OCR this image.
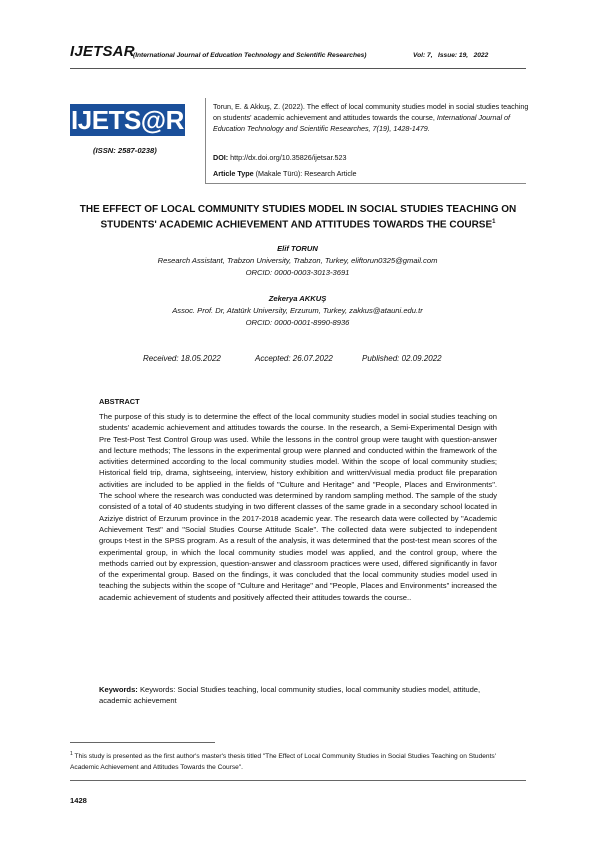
IJETSAR
(International Journal of Education Technology and Scientific Researches)	Vol: 7,   Issue: 19,   2022
IJETS@R
(ISSN: 2587-0238)
Torun, E. & Akkuş, Z. (2022). The effect of local community studies model in social studies teaching on students' academic achievement and attitudes towards the course, International Journal of Education Technology and Scientific Researches, 7(19), 1428-1479.
DOI: http://dx.doi.org/10.35826/ijetsar.523
Article Type (Makale Türü): Research Article
THE EFFECT OF LOCAL COMMUNITY STUDIES MODEL IN SOCIAL STUDIES TEACHING ON
STUDENTS' ACADEMIC ACHIEVEMENT AND ATTITUDES TOWARDS THE COURSE$^1$
Elif TORUN
Research Assistant, Trabzon University, Trabzon, Turkey, eliftorun0325@gmail.com
ORCID: 0000-0003-3013-3691
Zekerya AKKUŞ
Assoc. Prof. Dr, Atatürk University, Erzurum, Turkey, zakkus@atauni.edu.tr
ORCID: 0000-0001-8990-8936
Received: 18.05.2022	Accepted: 26.07.2022	Published: 02.09.2022
ABSTRACT
The purpose of this study is to determine the effect of the local community studies model in social studies teaching on students' academic achievement and attitudes towards the course. In the research, a Semi-Experimental Design with Pre Test-Post Test Control Group was used. While the lessons in the control group were taught with question-answer and lecture methods; The lessons in the experimental group were planned and conducted within the framework of the activities determined according to the local community studies model. Within the scope of local community studies; Historical field trip, drama, sightseeing, interview, history exhibition and written/visual media product file preparation activities are included to be applied in the fields of "Culture and Heritage" and "People, Places and Environments". The school where the research was conducted was determined by random sampling method. The sample of the study consisted of a total of 40 students studying in two different classes of the same grade in a secondary school located in Aziziye district of Erzurum province in the 2017-2018 academic year. The research data were collected by "Academic Achievement Test" and "Social Studies Course Attitude Scale". The collected data were subjected to independent groups t-test in the SPSS program. As a result of the analysis, it was determined that the post-test mean scores of the experimental group, in which the local community studies model was applied, and the control group, where the methods carried out by expression, question-answer and classroom practices were used, differed significantly in favor of the experimental group. Based on the findings, it was concluded that the local community studies model used in teaching the subjects within the scope of "Culture and Heritage" and "People, Places and Environments" increased the academic achievement of students and positively affected their attitudes towards the course..
Keywords: Keywords: Social Studies teaching, local community studies, local community studies model, attitude, academic achievement
$^1$ This study is presented as the first author's master's thesis titled "The Effect of Local Community Studies in Social Studies Teaching on Students' Academic Achievement and Attitudes Towards the Course".
1428
